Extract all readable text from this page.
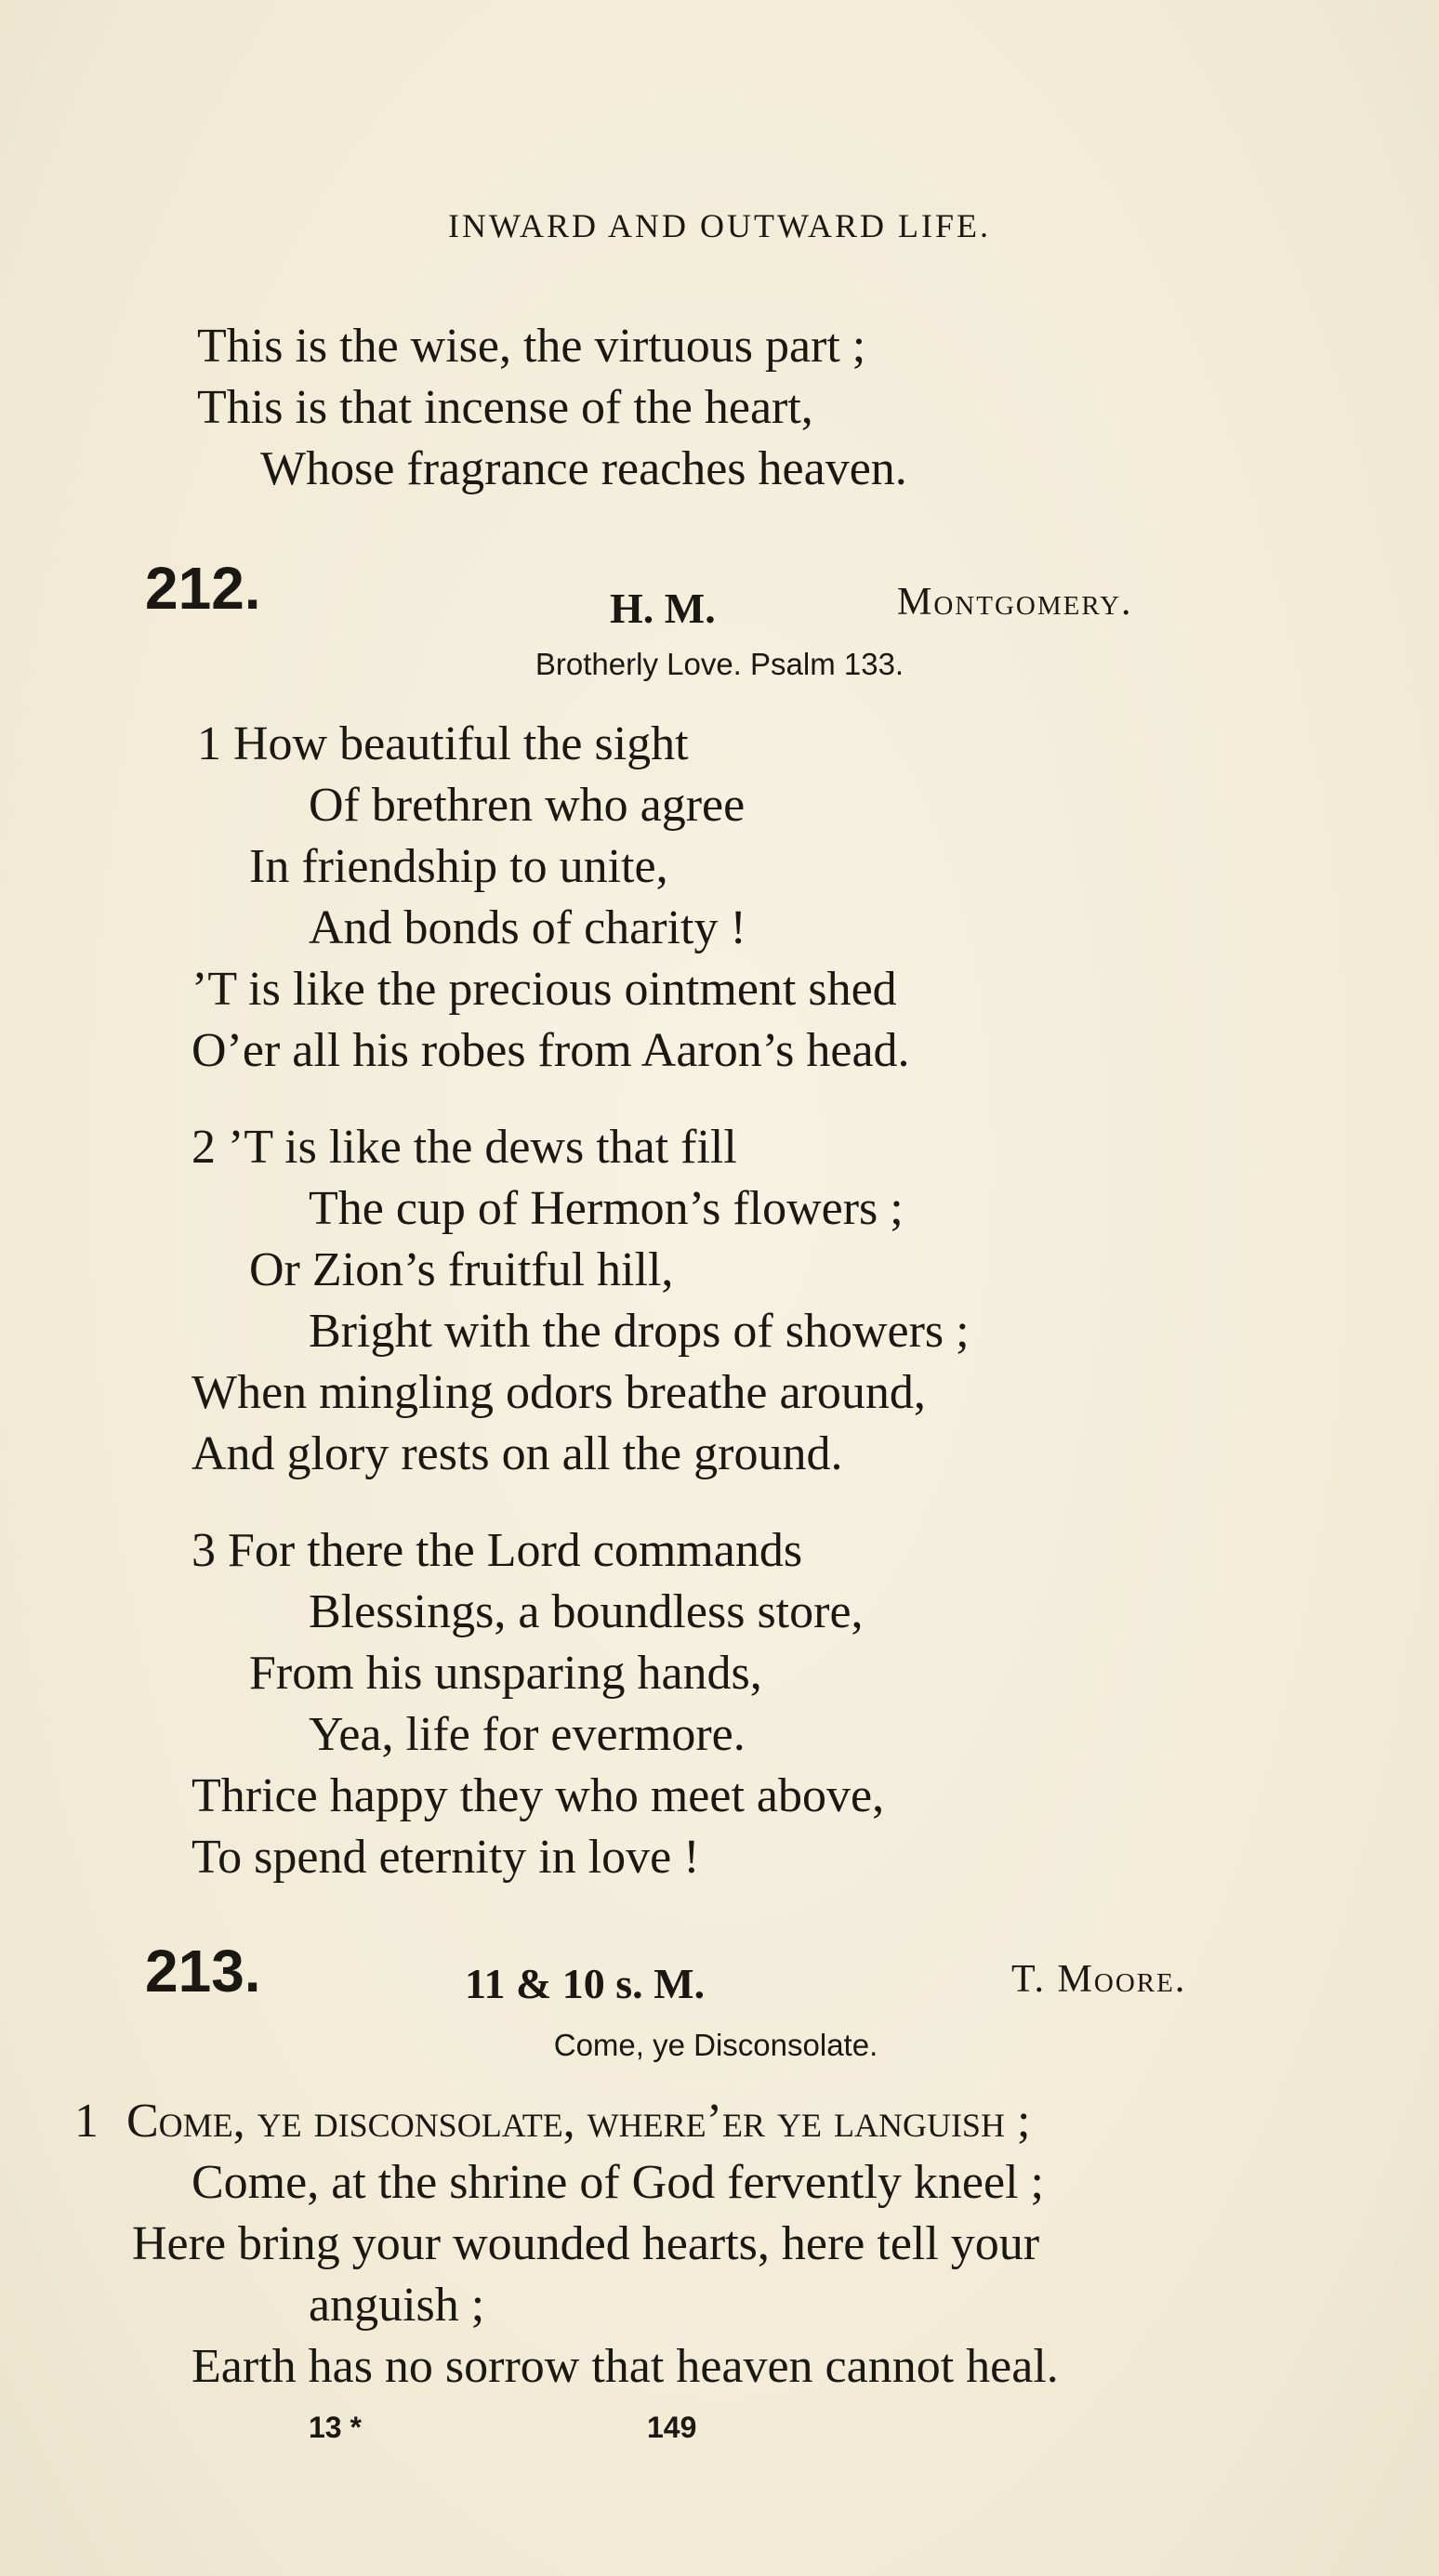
INWARD AND OUTWARD LIFE.
This is the wise, the virtuous part ;
This is that incense of the heart,
Whose fragrance reaches heaven.
212.	H. M.	Montgomery.
Brotherly Love. Psalm 133.
1 How beautiful the sight
Of brethren who agree
In friendship to unite,
And bonds of charity !
’T is like the precious ointment shed
O’er all his robes from Aaron’s head.
2 ’T is like the dews that fill
The cup of Hermon’s flowers ;
Or Zion’s fruitful hill,
Bright with the drops of showers ;
When mingling odors breathe around,
And glory rests on all the ground.
3 For there the Lord commands
Blessings, a boundless store,
From his unsparing hands,
Yea, life for evermore.
Thrice happy they who meet above,
To spend eternity in love !
213.	11 & 10 s. M.	T. Moore.
Come, ye Disconsolate.
1 Come, ye disconsolate, where’er ye languish ;
Come, at the shrine of God fervently kneel ;
Here bring your wounded hearts, here tell your
anguish ;
Earth has no sorrow that heaven cannot heal.
13 *	149
